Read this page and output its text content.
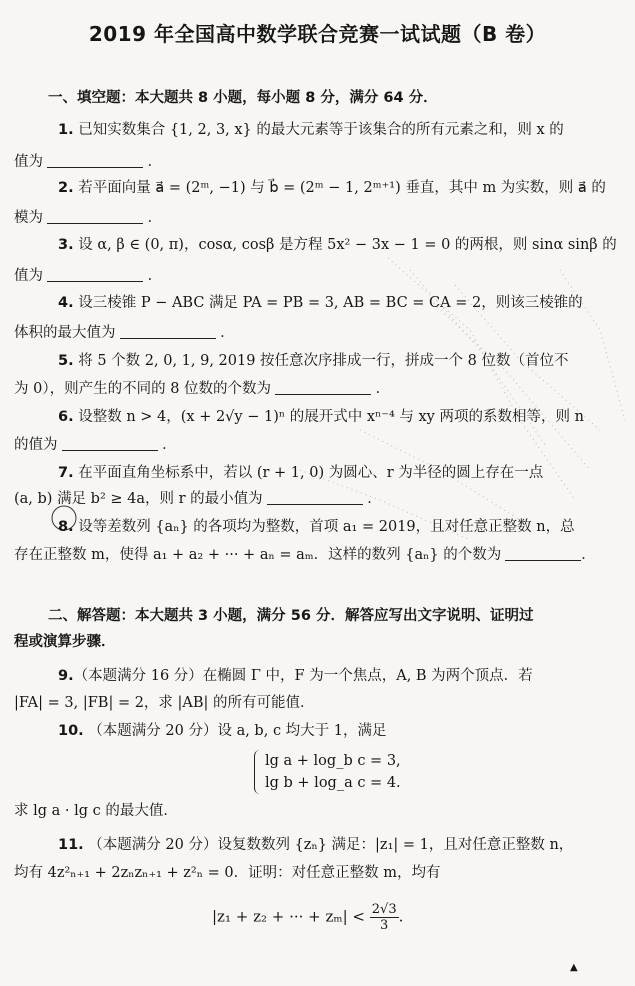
2019 年全国高中数学联合竞赛一试试题（B 卷）
一、填空题：本大题共 8 小题，每小题 8 分，满分 64 分．
1. 已知实数集合 {1, 2, 3, x} 的最大元素等于该集合的所有元素之和，则 x 的
值为	．
2. 若平面向量 a⃗ = (2ᵐ, −1) 与 b⃗ = (2ᵐ − 1, 2ᵐ⁺¹) 垂直，其中 m 为实数，则 a⃗ 的
模为	．
3. 设 α, β ∈ (0, π)，cosα, cosβ 是方程 5x² − 3x − 1 = 0 的两根，则 sinα sinβ 的
值为	．
4. 设三棱锥 P − ABC 满足 PA = PB = 3, AB = BC = CA = 2，则该三棱锥的
体积的最大值为	．
5. 将 5 个数 2, 0, 1, 9, 2019 按任意次序排成一行，拼成一个 8 位数（首位不
为 0），则产生的不同的 8 位数的个数为	．
6. 设整数 n > 4，(x + 2√y − 1)ⁿ 的展开式中 xⁿ⁻⁴ 与 xy 两项的系数相等，则 n
的值为	．
7. 在平面直角坐标系中，若以 (r + 1, 0) 为圆心、r 为半径的圆上存在一点
(a, b) 满足 b² ≥ 4a，则 r 的最小值为	．
8. 设等差数列 {aₙ} 的各项均为整数，首项 a₁ = 2019，且对任意正整数 n，总
存在正整数 m，使得 a₁ + a₂ + ··· + aₙ = aₘ．这样的数列 {aₙ} 的个数为	．
二、解答题：本大题共 3 小题，满分 56 分．解答应写出文字说明、证明过
程或演算步骤．
9.（本题满分 16 分）在椭圆 Γ 中，F 为一个焦点，A, B 为两个顶点．若
|FA| = 3, |FB| = 2，求 |AB| 的所有可能值．
10. （本题满分 20 分）设 a, b, c 均大于 1，满足
lg a + log_b c = 3,
lg b + log_a c = 4.
求 lg a · lg c 的最大值．
11. （本题满分 20 分）设复数数列 {zₙ} 满足：|z₁| = 1，且对任意正整数 n，
均有 4z²ₙ₊₁ + 2zₙzₙ₊₁ + z²ₙ = 0．证明：对任意正整数 m，均有
|z₁ + z₂ + ··· + $z_m| < \frac{2√3}{3}$ .
▲
